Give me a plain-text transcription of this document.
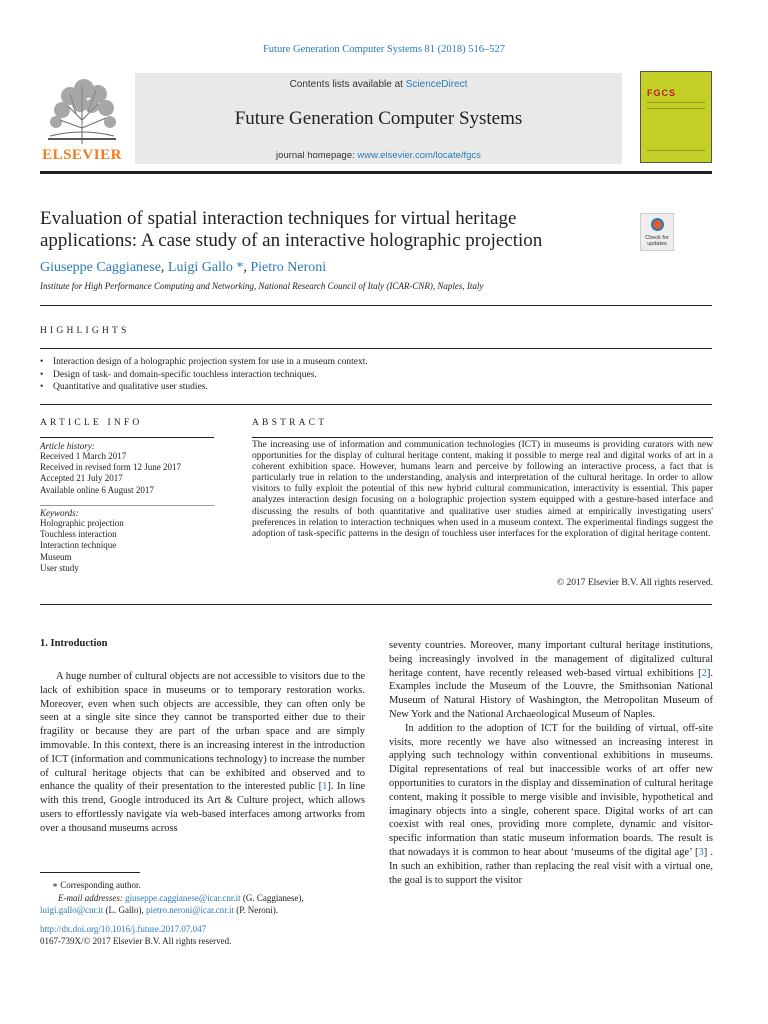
Future Generation Computer Systems 81 (2018) 516–527
ELSEVIER
Contents lists available at ScienceDirect
Future Generation Computer Systems
journal homepage: www.elsevier.com/locate/fgcs
FGCS
Evaluation of spatial interaction techniques for virtual heritage
applications: A case study of an interactive holographic projection	Check for updates
Giuseppe Caggianese, Luigi Gallo *, Pietro Neroni
Institute for High Performance Computing and Networking, National Research Council of Italy (ICAR-CNR), Naples, Italy
HIGHLIGHTS
• Interaction design of a holographic projection system for use in a museum context.
• Design of task- and domain-specific touchless interaction techniques.
• Quantitative and qualitative user studies.
ARTICLE INFO
Article history:
Received 1 March 2017
Received in revised form 12 June 2017
Accepted 21 July 2017
Available online 6 August 2017
Keywords:
Holographic projection
Touchless interaction
Interaction technique
Museum
User study
ABSTRACT
The increasing use of information and communication technologies (ICT) in museums is providing curators with new opportunities for the display of cultural heritage content, making it possible to merge real and digital works of art in a coherent exhibition space. However, humans learn and perceive by following an interactive process, a fact that is particularly true in relation to the understanding, analysis and interpretation of the cultural heritage. In order to allow visitors to fully exploit the potential of this new hybrid cultural communication, interactivity is essential. This paper analyzes interaction design focusing on a holographic projection system equipped with a gesture-based interface and discussing the results of both quantitative and qualitative user studies aimed at empirically investigating users' preferences in relation to interaction techniques when used in a museum context. The experimental findings suggest the adoption of task-specific patterns in the design of touchless user interfaces for the exploration of digital heritage content.
© 2017 Elsevier B.V. All rights reserved.
1. Introduction

A huge number of cultural objects are not accessible to visitors due to the lack of exhibition space in museums or to temporary restoration works. Moreover, even when such objects are accessible, they can often only be seen at a single site since they cannot be transported either due to their fragility or because they are part of the urban space and are simply immovable. In this context, there is an increasing interest in the introduction of ICT (information and communications technology) to increase the number of cultural heritage objects that can be exhibited and observed and to enhance the quality of their presentation to the interested public [1]. In line with this trend, Google introduced its Art & Culture project, which allows users to effortlessly navigate via web-based interfaces among artworks from over a thousand museums across

seventy countries. Moreover, many important cultural heritage institutions, being increasingly involved in the management of digitalized cultural heritage content, have recently released web-based virtual exhibitions [2]. Examples include the Museum of the Louvre, the Smithsonian National Museum of Natural History of Washington, the Metropolitan Museum of New York and the National Archaeological Museum of Naples.

In addition to the adoption of ICT for the building of virtual, off-site visits, more recently we have also witnessed an increasing interest in applying such technology within conventional exhibitions in museums. Digital representations of real but inaccessible works of art offer new opportunities to curators in the display and dissemination of cultural heritage content, making it possible to merge visible and invisible, hypothetical and imaginary objects into a single, coherent space. Digital works of art can coexist with real ones, providing more complete, dynamic and visitor-specific information than static museum information boards. The result is that nowadays it is common to hear about ‘museums of the digital age’ [3] . In such an exhibition, rather than replacing the real visit with a virtual one, the goal is to support the visitor

∗ Corresponding author.
E-mail addresses: giuseppe.caggianese@icar.cnr.it (G. Caggianese),
luigi.gallo@cnr.it (L. Gallo), pietro.neroni@icar.cnr.it (P. Neroni).
http://dx.doi.org/10.1016/j.future.2017.07.047
0167-739X/© 2017 Elsevier B.V. All rights reserved.
